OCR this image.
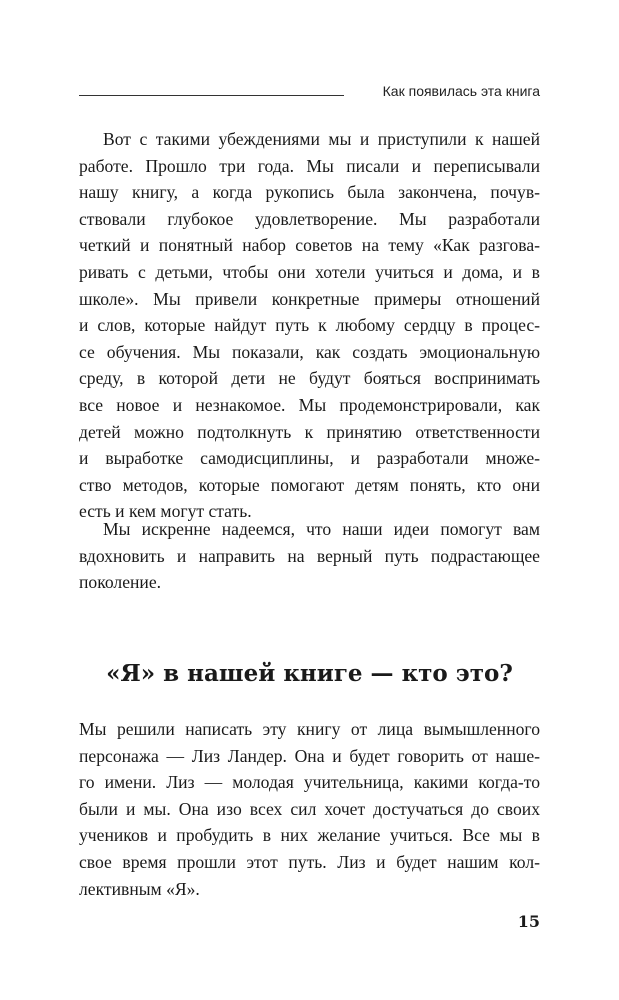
Как появилась эта книга

Вот с такими убеждениями мы и приступили к нашей
работе. Прошло три года. Мы писали и переписывали
нашу книгу, а когда рукопись была закончена, почув-
ствовали глубокое удовлетворение. Мы разработали
четкий и понятный набор советов на тему «Как разгова-
ривать с детьми, чтобы они хотели учиться и дома, и в
школе». Мы привели конкретные примеры отношений
и слов, которые найдут путь к любому сердцу в процес-
се обучения. Мы показали, как создать эмоциональную
среду, в которой дети не будут бояться воспринимать
все новое и незнакомое. Мы продемонстрировали, как
детей можно подтолкнуть к принятию ответственности
и выработке самодисциплины, и разработали множе-
ство методов, которые помогают детям понять, кто они
есть и кем могут стать.

Мы искренне надеемся, что наши идеи помогут вам
вдохновить и направить на верный путь подрастающее
поколение.

«Я» в нашей книге — кто это?

Мы решили написать эту книгу от лица вымышленного
персонажа — Лиз Ландер. Она и будет говорить от наше-
го имени. Лиз — молодая учительница, какими когда-то
были и мы. Она изо всех сил хочет достучаться до своих
учеников и пробудить в них желание учиться. Все мы в
свое время прошли этот путь. Лиз и будет нашим кол-
лективным «Я».

15
